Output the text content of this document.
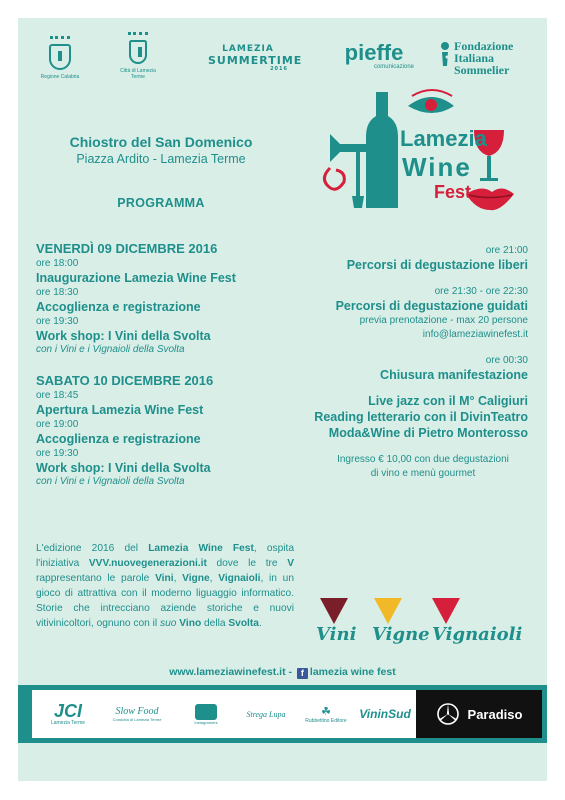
Regione Calabria
Città di Lamezia Terme
LAMEZIA
SUMMERTIME
2016
pieffe
comunicazione
Fondazione
Italiana
Sommelier
Lamezia
Wine
Fest
V Edizione
Chiostro del San Domenico
Piazza Ardito - Lamezia Terme
PROGRAMMA
VENERDÌ 09 DICEMBRE 2016
ore 18:00
Inaugurazione Lamezia Wine Fest
ore 18:30
Accoglienza e registrazione
ore 19:30
Work shop: I Vini della Svolta
con i Vini e i Vignaioli della Svolta
SABATO 10 DICEMBRE 2016
ore 18:45
Apertura Lamezia Wine Fest
ore 19:00
Accoglienza e registrazione
ore 19:30
Work shop: I Vini della Svolta
con i Vini e i Vignaioli della Svolta
ore 21:00
Percorsi di degustazione liberi
ore 21:30 - ore 22:30
Percorsi di degustazione guidati
previa prenotazione - max 20 persone
info@lameziawinefest.it
ore 00:30
Chiusura manifestazione
Live jazz con il M° Caligiuri
Reading letterario con il DivinTeatro
Moda&Wine di Pietro Monterosso
Ingresso € 10,00 con due degustazioni
di vino e menù gourmet
L'edizione 2016 del Lamezia Wine Fest, ospita l'iniziativa VVV.nuovegenerazioni.it dove le tre V rappresentano le parole Vini, Vigne, Vignaioli, in un gioco di attrattiva con il moderno liguaggio informatico. Storie che intrecciano aziende storiche e nuovi vitivinicoltori, ognuno con il suo Vino della Svolta.
Vini Vigne Vignaioli
www.lameziawinefest.it - f lamezia wine fest
JCI
Lamezia Terme
Slow Food
Condotta di Lamezia Terme	Instagramers
Strega Lupa	☘
Rubbettino Editore VininSud	Paradiso
